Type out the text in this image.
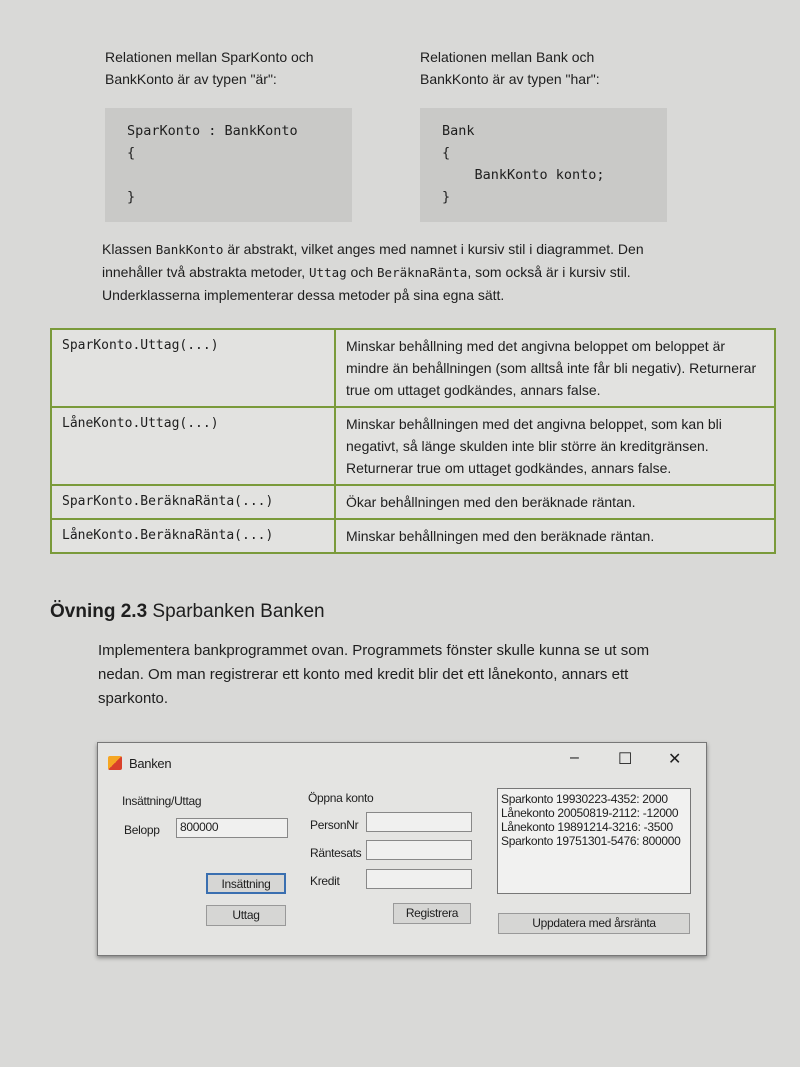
Relationen mellan SparKonto och
BankKonto är av typen "är":
SparKonto : BankKonto
{

}
Relationen mellan Bank och
BankKonto är av typen "har":
Bank
{
BankKonto konto;
}
Klassen BankKonto är abstrakt, vilket anges med namnet i kursiv stil i diagrammet. Den innehåller två abstrakta metoder, Uttag och BeräknaRänta, som också är i kursiv stil. Underklasserna implementerar dessa metoder på sina egna sätt.
SparKonto.Uttag(...)	Minskar behållning med det angivna beloppet om beloppet är mindre än behållningen (som alltså inte får bli negativ). Returnerar true om uttaget godkändes, annars false.
LåneKonto.Uttag(...)	Minskar behållningen med det angivna beloppet, som kan bli negativt, så länge skulden inte blir större än kreditgränsen. Returnerar true om uttaget godkändes, annars false.
SparKonto.BeräknaRänta(...)	Ökar behållningen med den beräknade räntan.
LåneKonto.BeräknaRänta(...)	Minskar behållningen med den beräknade räntan.
Övning 2.3 Sparbanken Banken
Implementera bankprogrammet ovan. Programmets fönster skulle kunna se ut som nedan. Om man registrerar ett konto med kredit blir det ett lånekonto, annars ett sparkonto.
Banken	– ☐ ✕
Insättning/Uttag
Belopp	800000
Insättning
Uttag
Öppna konto
PersonNr
Räntesats
Kredit
Registrera
Sparkonto 19930223-4352: 2000
Lånekonto 20050819-2112: -12000
Lånekonto 19891214-3216: -3500
Sparkonto 19751301-5476: 800000
Uppdatera med årsränta
